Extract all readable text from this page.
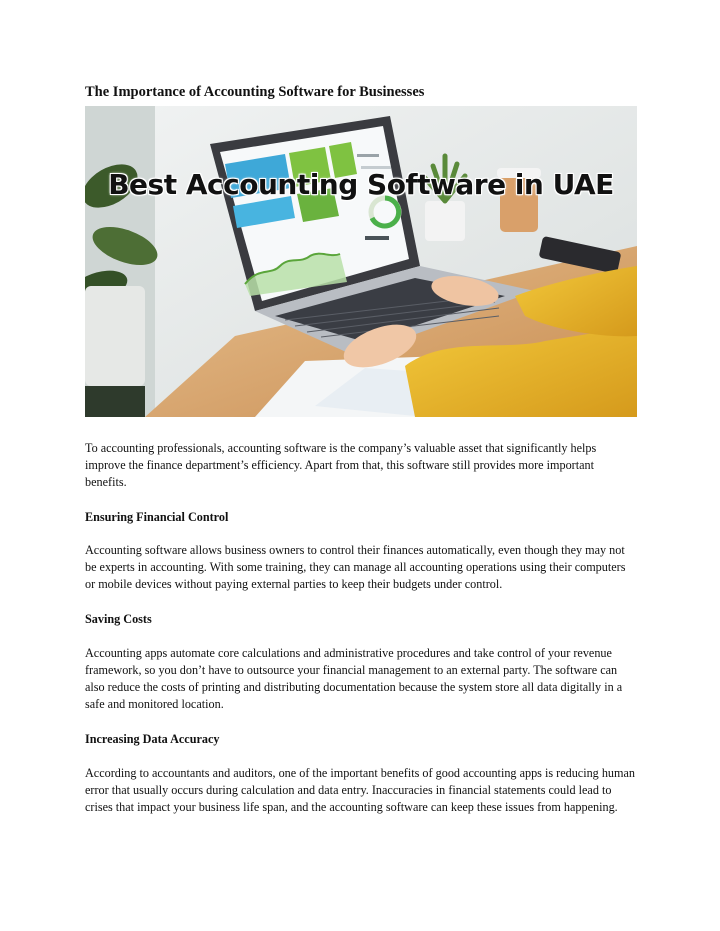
The Importance of Accounting Software for Businesses
Best Accounting Software in UAE

To accounting professionals, accounting software is the company’s valuable asset that significantly helps improve the finance department’s efficiency. Apart from that, this software still provides more important benefits.

Ensuring Financial Control

Accounting software allows business owners to control their finances automatically, even though they may not be experts in accounting. With some training, they can manage all accounting operations using their computers or mobile devices without paying external parties to keep their budgets under control.

Saving Costs

Accounting apps automate core calculations and administrative procedures and take control of your revenue framework, so you don’t have to outsource your financial management to an external party. The software can also reduce the costs of printing and distributing documentation because the system store all data digitally in a safe and monitored location.

Increasing Data Accuracy

According to accountants and auditors, one of the important benefits of good accounting apps is reducing human error that usually occurs during calculation and data entry. Inaccuracies in financial statements could lead to crises that impact your business life span, and the accounting software can keep these issues from happening.
